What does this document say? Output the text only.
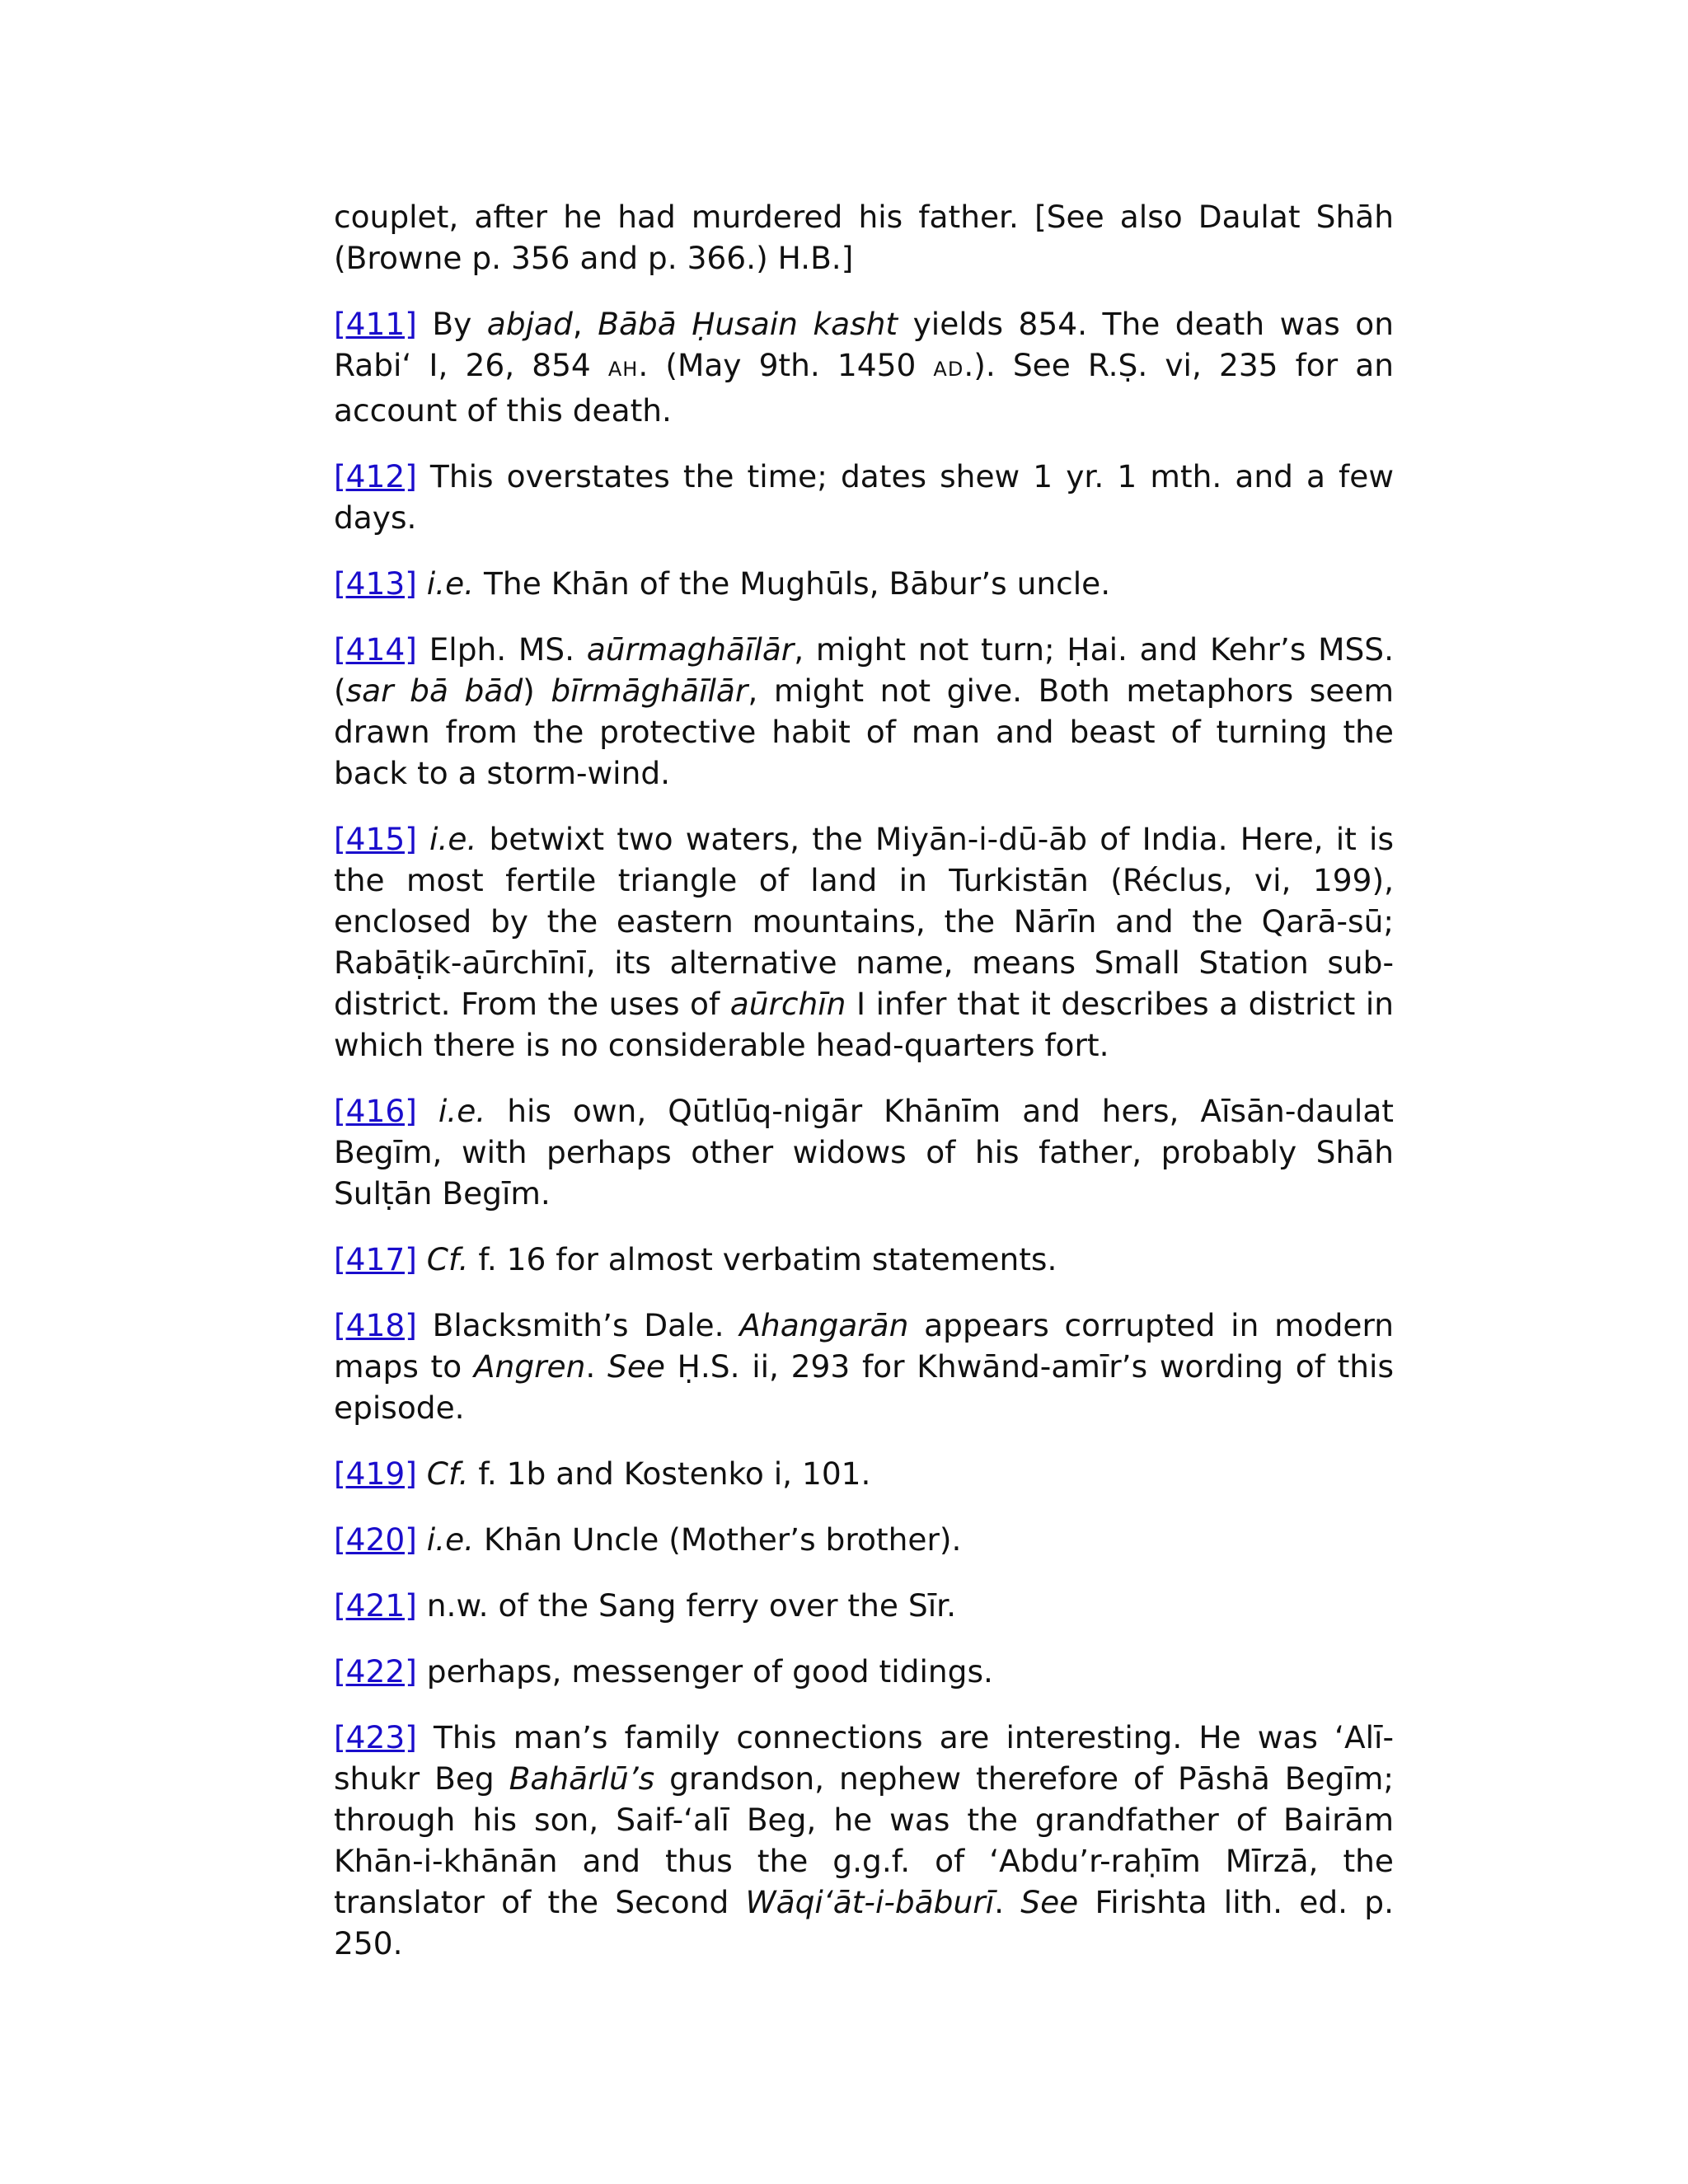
couplet, after he had murdered his father. [See also Daulat Shāh (Browne p. 356 and p. 366.) H.B.]

[411] By abjad, Bābā Ḥusain kasht yields 854. The death was on Rabi‘ I, 26, 854 AH. (May 9th. 1450 AD.). See R.Ṣ. vi, 235 for an account of this death.

[412] This overstates the time; dates shew 1 yr. 1 mth. and a few days.

[413] i.e. The Khān of the Mughūls, Bābur’s uncle.

[414] Elph. MS. aūrmaghāīlār, might not turn; Ḥai. and Kehr’s MSS. (sar bā bād) bīrmāghāīlār, might not give. Both metaphors seem drawn from the protective habit of man and beast of turning the back to a storm-wind.

[415] i.e. betwixt two waters, the Miyān-i-dū-āb of India. Here, it is the most fertile triangle of land in Turkistān (Réclus, vi, 199), enclosed by the eastern mountains, the Nārīn and the Qarā-sū; Rabāṭik-aūrchīnī, its alternative name, means Small Station sub-district. From the uses of aūrchīn I infer that it describes a district in which there is no considerable head-quarters fort.

[416] i.e. his own, Qūtlūq-nigār Khānīm and hers, Aīsān-daulat Begīm, with perhaps other widows of his father, probably Shāh Sulṭān Begīm.

[417] Cf. f. 16 for almost verbatim statements.

[418] Blacksmith’s Dale. Ahangarān appears corrupted in modern maps to Angren. See Ḥ.S. ii, 293 for Khwānd-amīr’s wording of this episode.

[419] Cf. f. 1b and Kostenko i, 101.

[420] i.e. Khān Uncle (Mother’s brother).

[421] n.w. of the Sang ferry over the Sīr.

[422] perhaps, messenger of good tidings.

[423] This man’s family connections are interesting. He was ‘Alī-shukr Beg Bahārlū’s grandson, nephew therefore of Pāshā Begīm; through his son, Saif-‘alī Beg, he was the grandfather of Bairām Khān-i-khānān and thus the g.g.f. of ‘Abdu’r-raḥīm Mīrzā, the translator of the Second Wāqi‘āt-i-bāburī. See Firishta lith. ed. p. 250.
